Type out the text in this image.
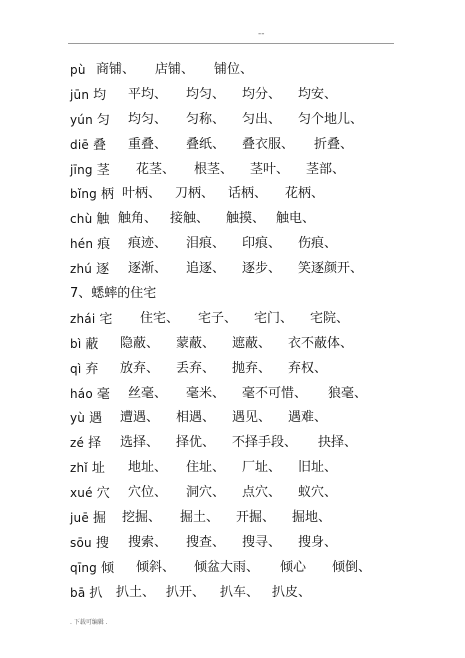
--
pù 商铺、 店铺、 铺位、
jūn 均 平均、 均匀、 均分、 均安、
yún 匀 均匀、 匀称、 匀出、 匀个地儿、
diē 叠 重叠、 叠纸、 叠衣服、 折叠、
jīng 茎 花茎、 根茎、 茎叶、 茎部、
bǐng 柄 叶柄、 刀柄、 话柄、 花柄、
chù 触 触角、 接触、 触摸、 触电、
hén 痕 痕迹、 泪痕、 印痕、 伤痕、
zhú 逐 逐渐、 追逐、 逐步、 笑逐颜开、
7、蟋蟀的住宅
zhái 宅 住宅、 宅子、 宅门、 宅院、
bì 蔽 隐蔽、 蒙蔽、 遮蔽、 衣不蔽体、
qì 弃 放弃、 丢弃、 抛弃、 弃权、
háo 毫 丝毫、 毫米、 毫不可惜、 狼毫、
yù 遇 遭遇、 相遇、 遇见、 遇难、
zé 择 选择、 择优、 不择手段、 抉择、
zhǐ 址 地址、 住址、 厂址、 旧址、
xué 穴 穴位、 洞穴、 点穴、 蚁穴、
juē 掘 挖掘、 掘土、 开掘、 掘地、
sōu 搜 搜索、 搜查、 搜寻、 搜身、
qīng 倾 倾斜、 倾盆大雨、 倾心 倾倒、
bā 扒 扒土、 扒开、 扒车、 扒皮、
. 下载可编辑 .
